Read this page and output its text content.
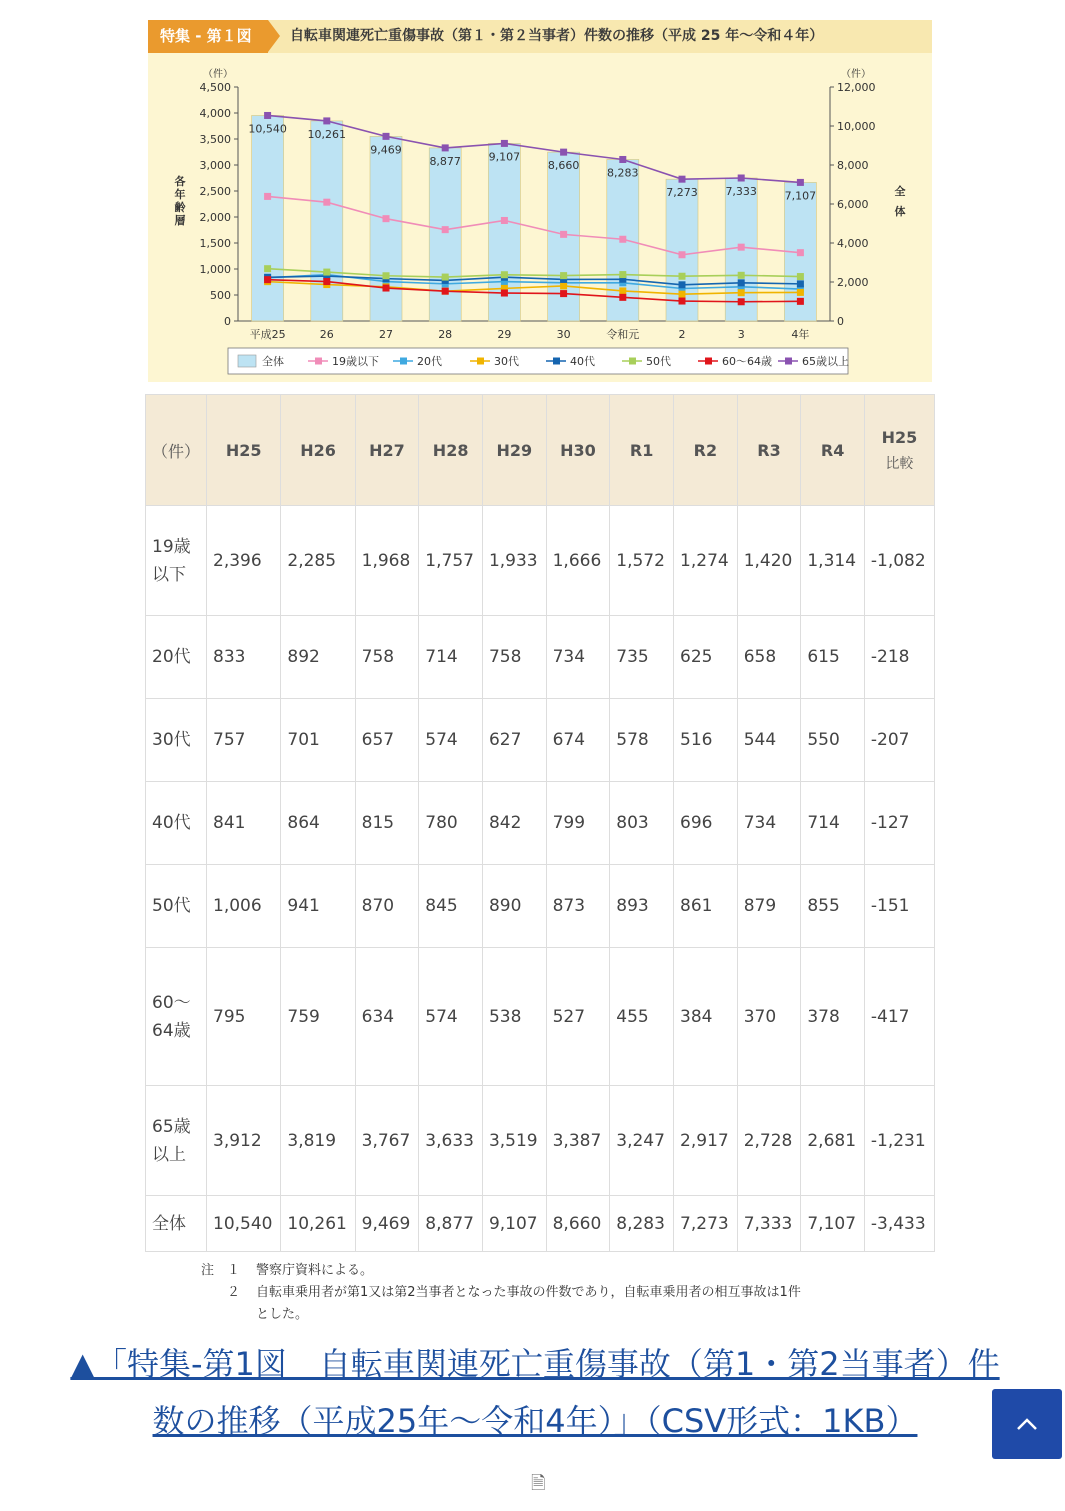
特集 - 第１図	自転車関連死亡重傷事故（第１・第２当事者）件数の推移（平成 25 年～令和４年）
0
500
1,000
1,500
2,000
2,500
3,000
3,500
4,000
4,500
0
2,000
4,000
6,000
8,000
10,000
12,000
（件）	（件）
各
年
齢
層
全
体
10,540 10,261
9,469
8,877	9,107
8,660
8,283
7,273	7,333	7,107
平成25	26	27	28	29	30	令和元	2	3	4年
全体	19歳以下	20代	30代	40代	50代	60～64歳	65歳以上
（件）	H25	H26	H27	H28	H29	H30	R1	R2	R3	R4	H25
比較

19歳以下	2,396	2,285	1,968	1,757	1,933	1,666	1,572	1,274	1,420	1,314	-1,082
20代	833	892	758	714	758	734	735	625	658	615	-218
30代	757	701	657	574	627	674	578	516	544	550	-207
40代	841	864	815	780	842	799	803	696	734	714	-127
50代	1,006	941	870	845	890	873	893	861	879	855	-151
60～64歳	795	759	634	574	538	527	455	384	370	378	-417
65歳以上	3,912	3,819	3,767	3,633	3,519	3,387	3,247	2,917	2,728	2,681	-1,231
全体	10,540	10,261	9,469	8,877	9,107	8,660	8,283	7,273	7,333	7,107	-3,433
注　１	警察庁資料による。
　　２	自転車乗用者が第1又は第2当事者となった事故の件数であり，自転車乗用者の相互事故は1件
とした。
▲「特集-第1図　自転車関連死亡重傷事故（第1・第2当事者）件数の推移（平成25年～令和4年）」（CSV形式：1KB）
🗎
